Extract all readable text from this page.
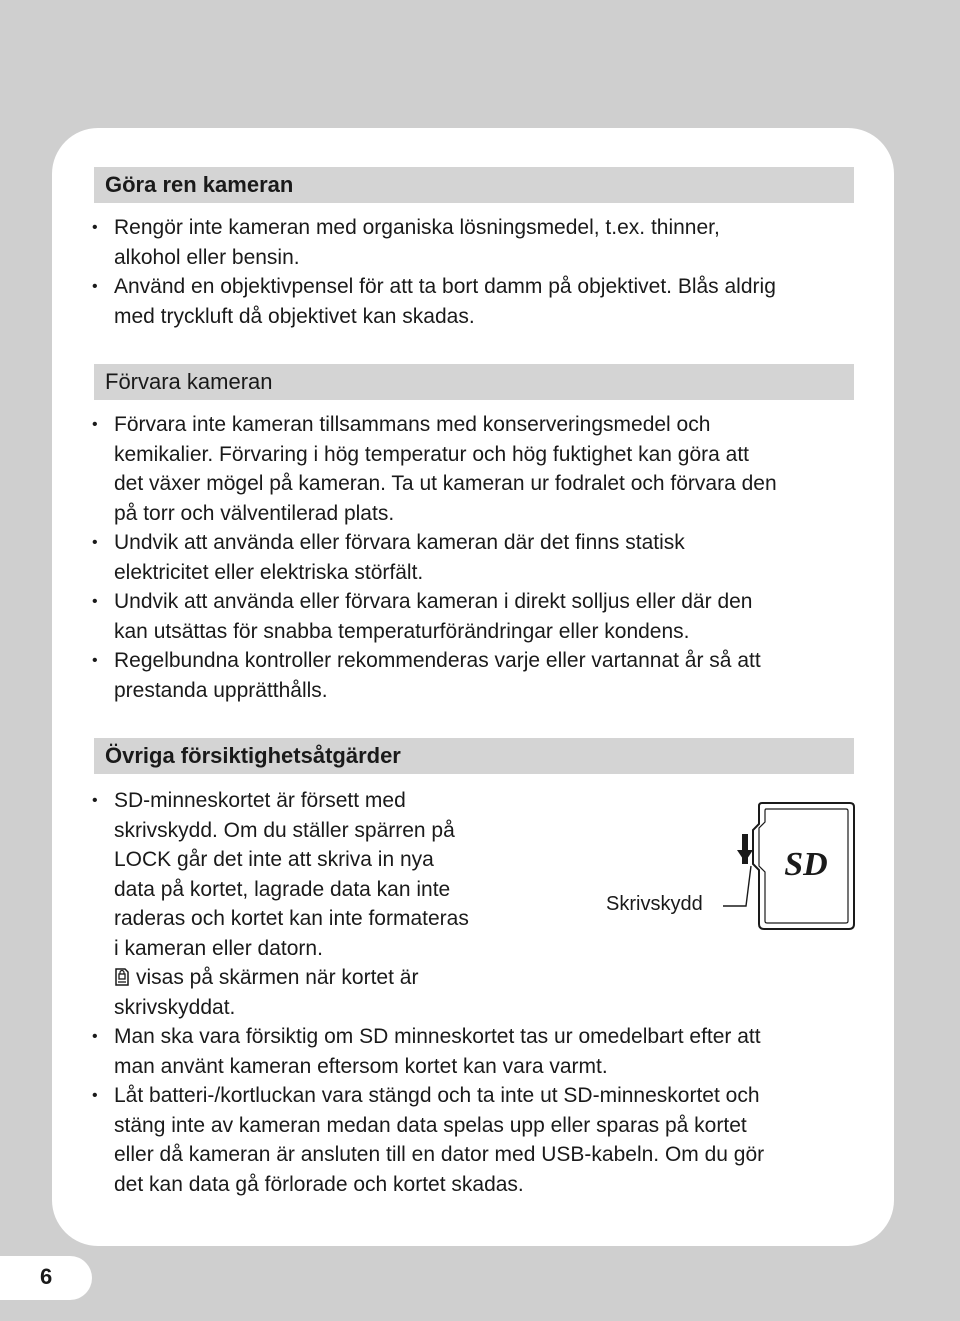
Göra ren kameran
• Rengör inte kameran med organiska lösningsmedel, t.ex. thinner,
alkohol eller bensin.
• Använd en objektivpensel för att ta bort damm på objektivet. Blås aldrig
med tryckluft då objektivet kan skadas.
Förvara kameran
• Förvara inte kameran tillsammans med konserveringsmedel och
kemikalier. Förvaring i hög temperatur och hög fuktighet kan göra att
det växer mögel på kameran. Ta ut kameran ur fodralet och förvara den
på torr och välventilerad plats.
• Undvik att använda eller förvara kameran där det finns statisk
elektricitet eller elektriska störfält.
• Undvik att använda eller förvara kameran i direkt solljus eller där den
kan utsättas för snabba temperaturförändringar eller kondens.
• Regelbundna kontroller rekommenderas varje eller vartannat år så att
prestanda upprätthålls.
Övriga försiktighetsåtgärder
• SD-minneskortet är försett med
skrivskydd. Om du ställer spärren på
LOCK går det inte att skriva in nya
data på kortet, lagrade data kan inte
raderas och kortet kan inte formateras
i kameran eller datorn.
visas på skärmen när kortet är
skrivskyddat.
• Man ska vara försiktig om SD minneskortet tas ur omedelbart efter att
man använt kameran eftersom kortet kan vara varmt.
• Låt batteri-/kortluckan vara stängd och ta inte ut SD-minneskortet och
stäng inte av kameran medan data spelas upp eller sparas på kortet
eller då kameran är ansluten till en dator med USB-kabeln. Om du gör
det kan data gå förlorade och kortet skadas.
SD
Skrivskydd
6
